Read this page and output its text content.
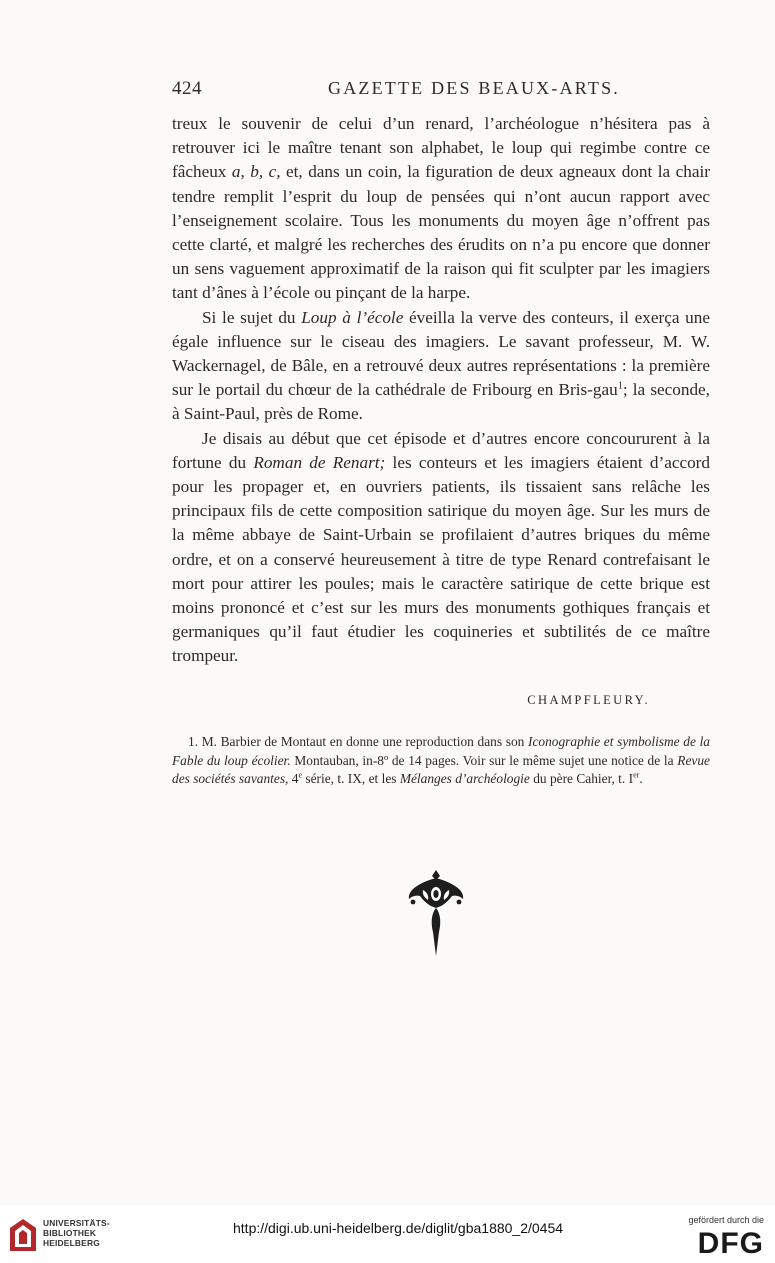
424	GAZETTE DES BEAUX-ARTS.

treux le souvenir de celui d’un renard, l’archéologue n’hésitera pas à retrouver ici le maître tenant son alphabet, le loup qui regimbe contre ce fâcheux a, b, c, et, dans un coin, la figuration de deux agneaux dont la chair tendre remplit l’esprit du loup de pensées qui n’ont aucun rapport avec l’enseignement scolaire. Tous les monuments du moyen âge n’offrent pas cette clarté, et malgré les recherches des érudits on n’a pu encore que donner un sens vaguement approximatif de la raison qui fit sculpter par les imagiers tant d’ânes à l’école ou pinçant de la harpe.

Si le sujet du Loup à l’école éveilla la verve des conteurs, il exerça une égale influence sur le ciseau des imagiers. Le savant professeur, M. W. Wackernagel, de Bâle, en a retrouvé deux autres représentations : la première sur le portail du chœur de la cathédrale de Fribourg en Bris-gau$^1$; la seconde, à Saint-Paul, près de Rome.

Je disais au début que cet épisode et d’autres encore concoururent à la fortune du Roman de Renart; les conteurs et les imagiers étaient d’accord pour les propager et, en ouvriers patients, ils tissaient sans relâche les principaux fils de cette composition satirique du moyen âge. Sur les murs de la même abbaye de Saint-Urbain se profilaient d’autres briques du même ordre, et on a conservé heureusement à titre de type Renard contrefaisant le mort pour attirer les poules; mais le caractère satirique de cette brique est moins prononcé et c’est sur les murs des monuments gothiques français et germaniques qu’il faut étudier les coquineries et subtilités de ce maître trompeur.

CHAMPFLEURY.
1. M. Barbier de Montaut en donne une reproduction dans son Iconographie et symbolisme de la Fable du loup écolier. Montauban, in-8º de 14 pages. Voir sur le même sujet une notice de la Revue des sociétés savantes, 4e série, t. IX, et les Mélanges d’archéologie du père Cahier, t. Ier.
UNIVERSITÄTS-
BIBLIOTHEK
HEIDELBERG
http://digi.ub.uni-heidelberg.de/diglit/gba1880_2/0454	gefördert durch die
DFG
